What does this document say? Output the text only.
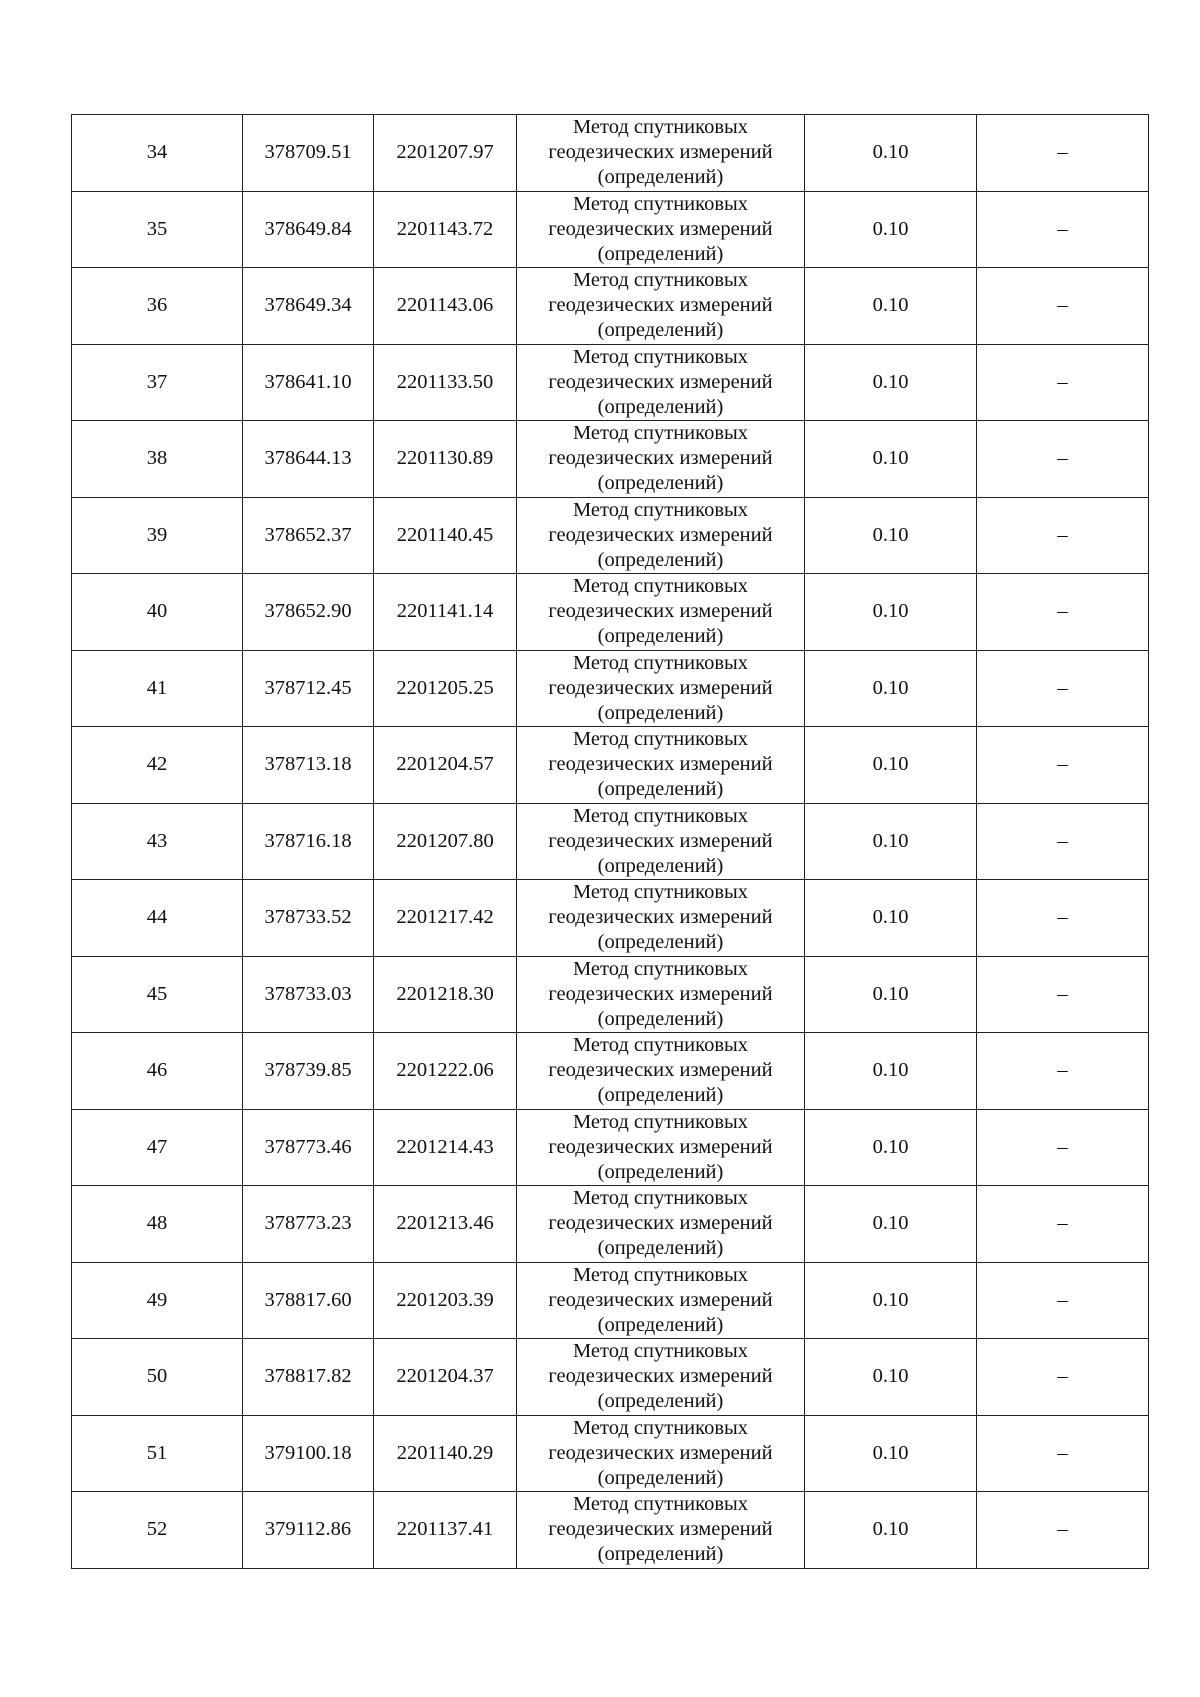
34	378709.51	2201207.97	Метод спутниковых
геодезических измерений
(определений)	0.10	–
35	378649.84	2201143.72	Метод спутниковых
геодезических измерений
(определений)	0.10	–
36	378649.34	2201143.06	Метод спутниковых
геодезических измерений
(определений)	0.10	–
37	378641.10	2201133.50	Метод спутниковых
геодезических измерений
(определений)	0.10	–
38	378644.13	2201130.89	Метод спутниковых
геодезических измерений
(определений)	0.10	–
39	378652.37	2201140.45	Метод спутниковых
геодезических измерений
(определений)	0.10	–
40	378652.90	2201141.14	Метод спутниковых
геодезических измерений
(определений)	0.10	–
41	378712.45	2201205.25	Метод спутниковых
геодезических измерений
(определений)	0.10	–
42	378713.18	2201204.57	Метод спутниковых
геодезических измерений
(определений)	0.10	–
43	378716.18	2201207.80	Метод спутниковых
геодезических измерений
(определений)	0.10	–
44	378733.52	2201217.42	Метод спутниковых
геодезических измерений
(определений)	0.10	–
45	378733.03	2201218.30	Метод спутниковых
геодезических измерений
(определений)	0.10	–
46	378739.85	2201222.06	Метод спутниковых
геодезических измерений
(определений)	0.10	–
47	378773.46	2201214.43	Метод спутниковых
геодезических измерений
(определений)	0.10	–
48	378773.23	2201213.46	Метод спутниковых
геодезических измерений
(определений)	0.10	–
49	378817.60	2201203.39	Метод спутниковых
геодезических измерений
(определений)	0.10	–
50	378817.82	2201204.37	Метод спутниковых
геодезических измерений
(определений)	0.10	–
51	379100.18	2201140.29	Метод спутниковых
геодезических измерений
(определений)	0.10	–
52	379112.86	2201137.41	Метод спутниковых
геодезических измерений
(определений)	0.10	–
